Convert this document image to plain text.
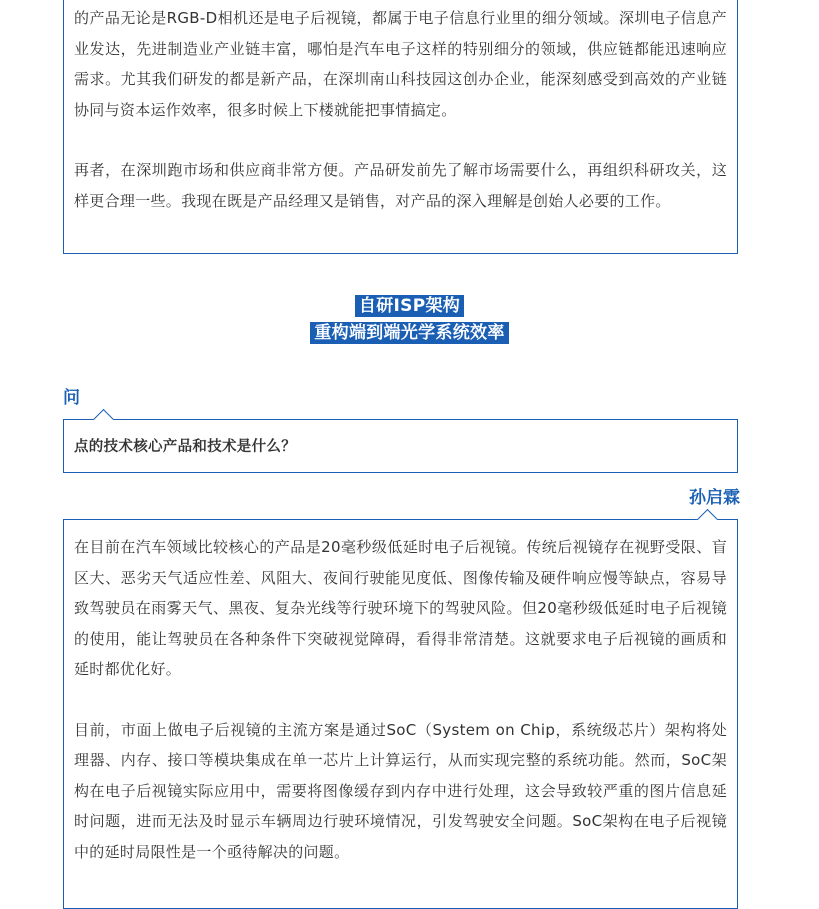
的产品无论是RGB-D相机还是电子后视镜，都属于电子信息行业里的细分领域。深圳电子信息产业发达，先进制造业产业链丰富，哪怕是汽车电子这样的特别细分的领域，供应链都能迅速响应需求。尤其我们研发的都是新产品，在深圳南山科技园这创办企业，能深刻感受到高效的产业链协同与资本运作效率，很多时候上下楼就能把事情搞定。

再者，在深圳跑市场和供应商非常方便。产品研发前先了解市场需要什么，再组织科研攻关，这样更合理一些。我现在既是产品经理又是销售，对产品的深入理解是创始人必要的工作。

自研ISP架构
重构端到端光学系统效率
问
点的技术核心产品和技术是什么？
孙启霖

在目前在汽车领域比较核心的产品是20毫秒级低延时电子后视镜。传统后视镜存在视野受限、盲区大、恶劣天气适应性差、风阻大、夜间行驶能见度低、图像传输及硬件响应慢等缺点，容易导致驾驶员在雨雾天气、黑夜、复杂光线等行驶环境下的驾驶风险。但20毫秒级低延时电子后视镜的使用，能让驾驶员在各种条件下突破视觉障碍，看得非常清楚。这就要求电子后视镜的画质和延时都优化好。

目前，市面上做电子后视镜的主流方案是通过SoC（System on Chip，系统级芯片）架构将处理器、内存、接口等模块集成在单一芯片上计算运行，从而实现完整的系统功能。然而，SoC架构在电子后视镜实际应用中，需要将图像缓存到内存中进行处理，这会导致较严重的图片信息延时问题，进而无法及时显示车辆周边行驶环境情况，引发驾驶安全问题。SoC架构在电子后视镜中的延时局限性是一个亟待解决的问题。
